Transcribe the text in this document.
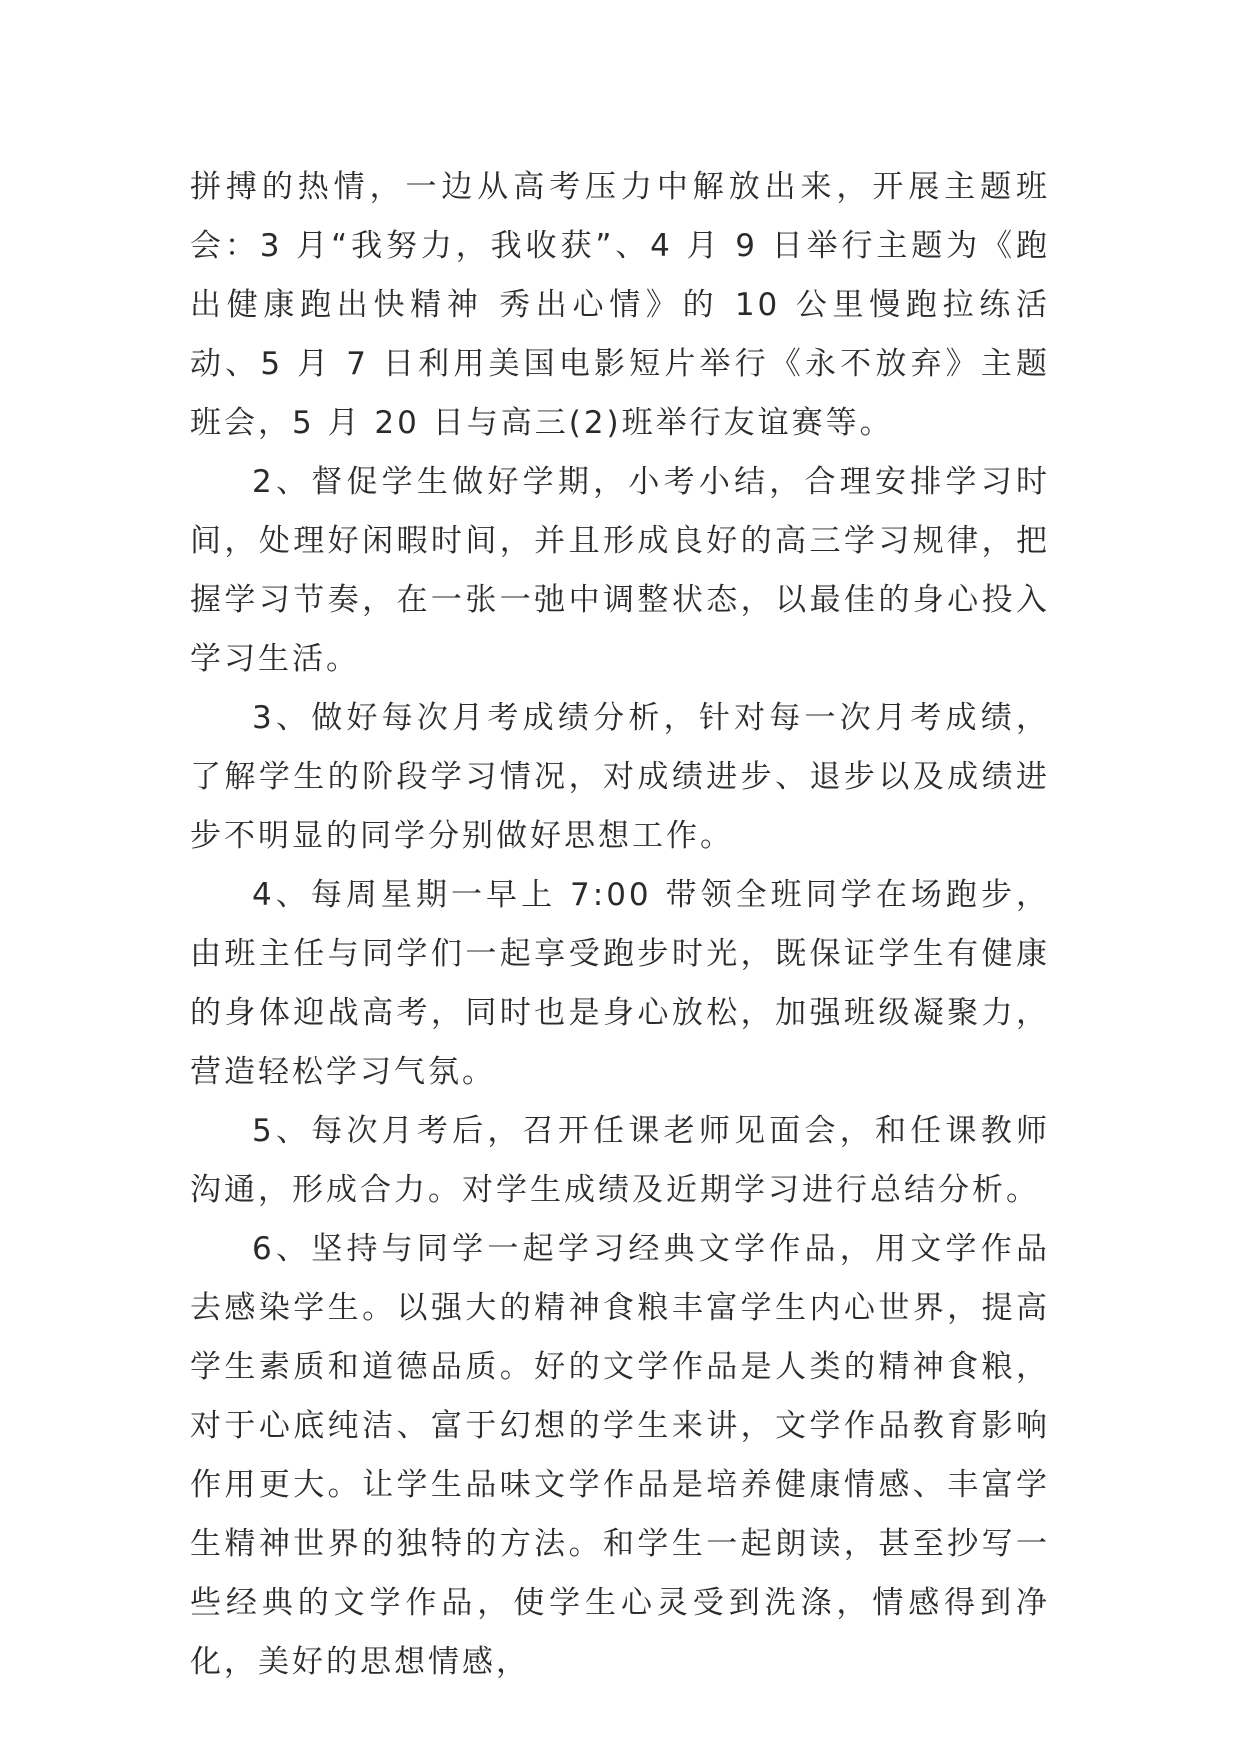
拼搏的热情，一边从高考压力中解放出来，开展主题班会：3 月“我努力，我收获”、4 月 9 日举行主题为《跑出健康跑出快精神 秀出心情》的 10 公里慢跑拉练活动、5 月 7 日利用美国电影短片举行《永不放弃》主题班会，5 月 20 日与高三(2)班举行友谊赛等。

2、督促学生做好学期，小考小结，合理安排学习时间，处理好闲暇时间，并且形成良好的高三学习规律，把握学习节奏，在一张一弛中调整状态，以最佳的身心投入学习生活。

3、做好每次月考成绩分析，针对每一次月考成绩，了解学生的阶段学习情况，对成绩进步、退步以及成绩进步不明显的同学分别做好思想工作。

4、每周星期一早上 7:00 带领全班同学在场跑步，由班主任与同学们一起享受跑步时光，既保证学生有健康的身体迎战高考，同时也是身心放松，加强班级凝聚力，营造轻松学习气氛。

5、每次月考后，召开任课老师见面会，和任课教师沟通，形成合力。对学生成绩及近期学习进行总结分析。

6、坚持与同学一起学习经典文学作品，用文学作品去感染学生。以强大的精神食粮丰富学生内心世界，提高学生素质和道德品质。好的文学作品是人类的精神食粮，对于心底纯洁、富于幻想的学生来讲，文学作品教育影响作用更大。让学生品味文学作品是培养健康情感、丰富学生精神世界的独特的方法。和学生一起朗读，甚至抄写一些经典的文学作品，使学生心灵受到洗涤，情感得到净化，美好的思想情感，
